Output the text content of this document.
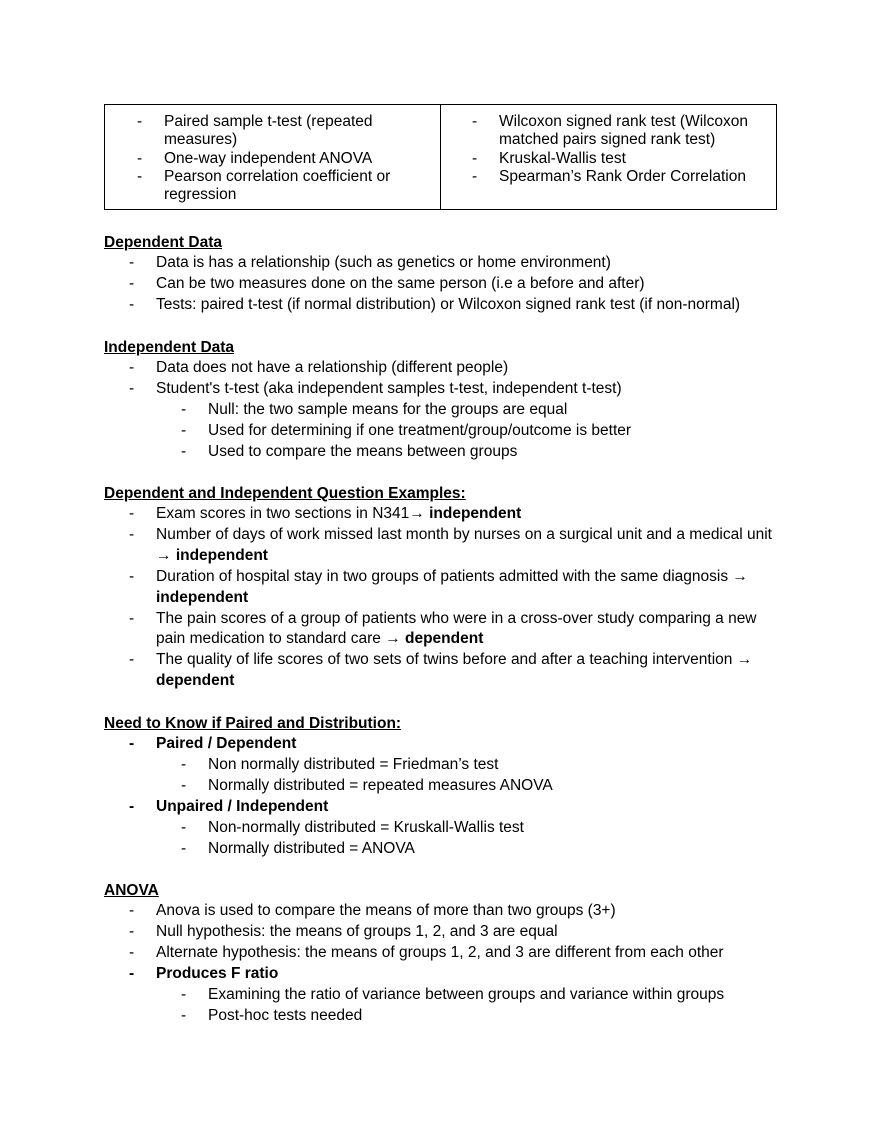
- Paired sample t-test (repeated measures)
- One-way independent ANOVA
- Pearson correlation coefficient or regression
- Wilcoxon signed rank test (Wilcoxon matched pairs signed rank test)
- Kruskal-Wallis test
- Spearman’s Rank Order Correlation
Dependent Data
- Data is has a relationship (such as genetics or home environment)
- Can be two measures done on the same person (i.e a before and after)
- Tests: paired t-test (if normal distribution) or Wilcoxon signed rank test (if non-normal)
Independent Data
- Data does not have a relationship (different people)
- Student's t-test (aka independent samples t-test, independent t-test)
- Null: the two sample means for the groups are equal
- Used for determining if one treatment/group/outcome is better
- Used to compare the means between groups
Dependent and Independent Question Examples:
- Exam scores in two sections in N341→ independent
- Number of days of work missed last month by nurses on a surgical unit and a medical unit → independent
- Duration of hospital stay in two groups of patients admitted with the same diagnosis → independent
- The pain scores of a group of patients who were in a cross-over study comparing a new pain medication to standard care → dependent
- The quality of life scores of two sets of twins before and after a teaching intervention → dependent
Need to Know if Paired and Distribution:
- Paired / Dependent
- Non normally distributed = Friedman’s test
- Normally distributed = repeated measures ANOVA
- Unpaired / Independent
- Non-normally distributed = Kruskall-Wallis test
- Normally distributed = ANOVA
ANOVA
- Anova is used to compare the means of more than two groups (3+)
- Null hypothesis: the means of groups 1, 2, and 3 are equal
- Alternate hypothesis: the means of groups 1, 2, and 3 are different from each other
- Produces F ratio
- Examining the ratio of variance between groups and variance within groups
- Post-hoc tests needed
